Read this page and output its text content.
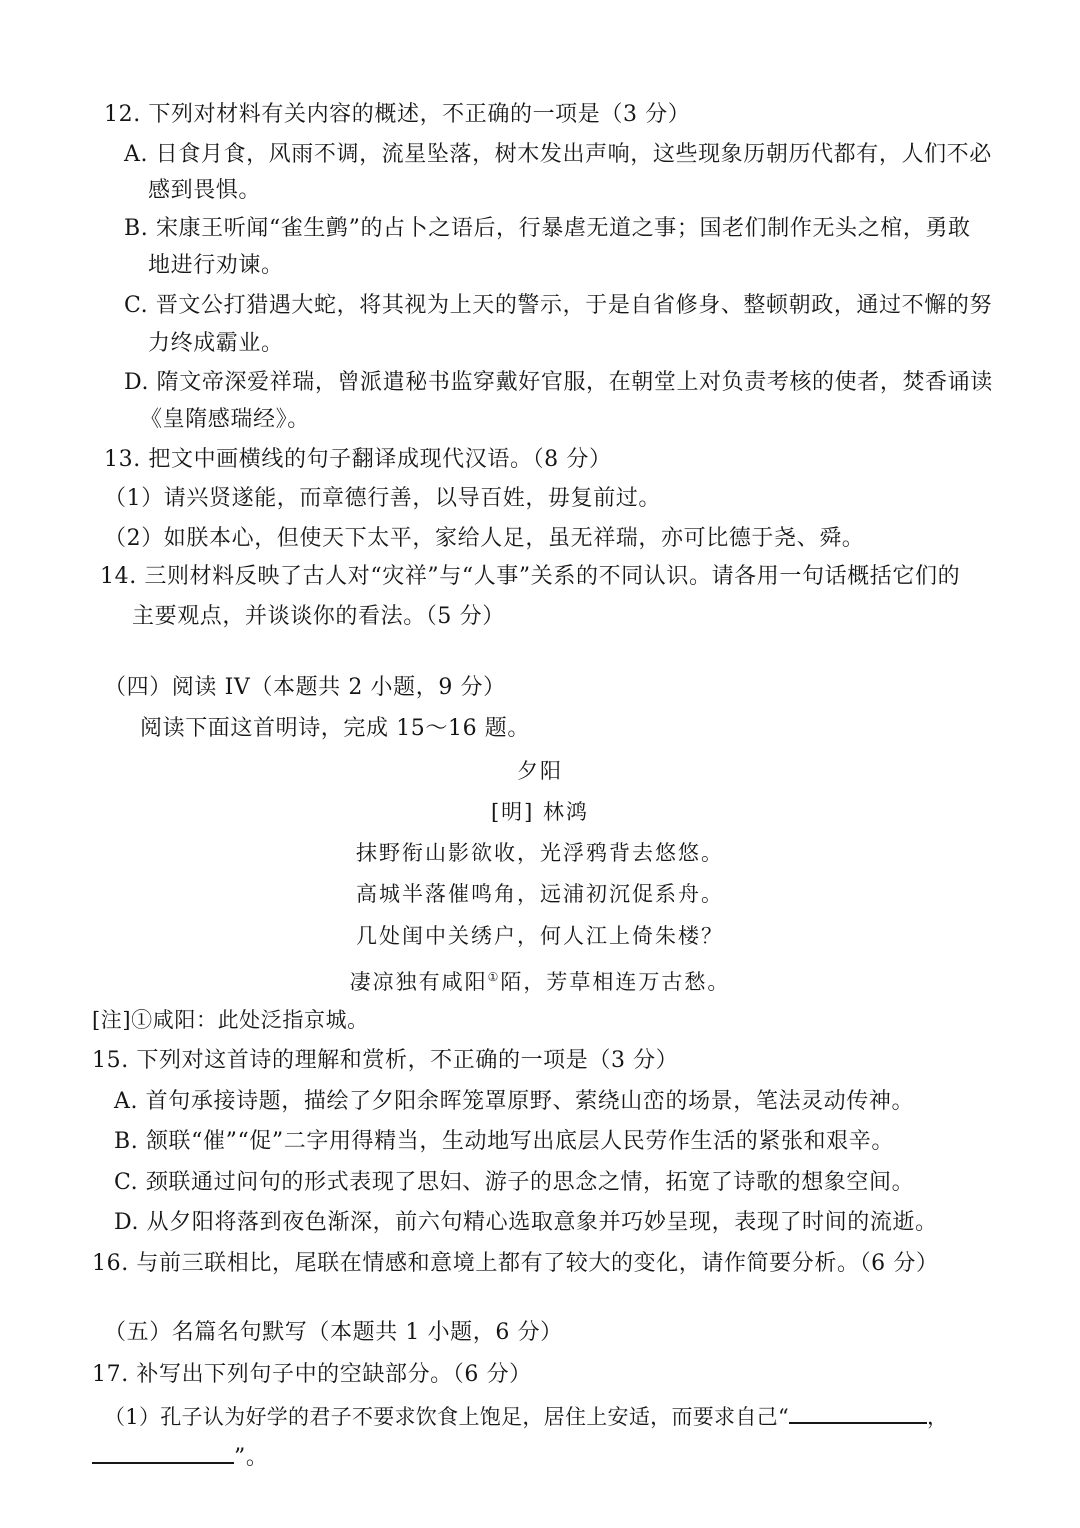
12. 下列对材料有关内容的概述，不正确的一项是（3 分）
A. 日食月食，风雨不调，流星坠落，树木发出声响，这些现象历朝历代都有，人们不必
感到畏惧。
B. 宋康王听闻“雀生鹯”的占卜之语后，行暴虐无道之事；国老们制作无头之棺，勇敢
地进行劝谏。
C. 晋文公打猎遇大蛇，将其视为上天的警示，于是自省修身、整顿朝政，通过不懈的努
力终成霸业。
D. 隋文帝深爱祥瑞，曾派遣秘书监穿戴好官服，在朝堂上对负责考核的使者，焚香诵读
《皇隋感瑞经》。
13. 把文中画横线的句子翻译成现代汉语。（8 分）
（1）请兴贤遂能，而章德行善，以导百姓，毋复前过。
（2）如朕本心，但使天下太平，家给人足，虽无祥瑞，亦可比德于尧、舜。
14. 三则材料反映了古人对“灾祥”与“人事”关系的不同认识。请各用一句话概括它们的
主要观点，并谈谈你的看法。（5 分）
（四）阅读 IV（本题共 2 小题，9 分）
阅读下面这首明诗，完成 15～16 题。
夕阳
[明] 林鸿
抹野衔山影欲收，光浮鸦背去悠悠。
高城半落催鸣角，远浦初沉促系舟。
几处闺中关绣户，何人江上倚朱楼？
凄凉独有咸阳①陌，芳草相连万古愁。
[注]①咸阳：此处泛指京城。
15. 下列对这首诗的理解和赏析，不正确的一项是（3 分）
A. 首句承接诗题，描绘了夕阳余晖笼罩原野、萦绕山峦的场景，笔法灵动传神。
B. 颔联“催”“促”二字用得精当，生动地写出底层人民劳作生活的紧张和艰辛。
C. 颈联通过问句的形式表现了思妇、游子的思念之情，拓宽了诗歌的想象空间。
D. 从夕阳将落到夜色渐深，前六句精心选取意象并巧妙呈现，表现了时间的流逝。
16. 与前三联相比，尾联在情感和意境上都有了较大的变化，请作简要分析。（6 分）
（五）名篇名句默写（本题共 1 小题，6 分）
17. 补写出下列句子中的空缺部分。（6 分）
（1）孔子认为好学的君子不要求饮食上饱足，居住上安适，而要求自己“	，
”。
